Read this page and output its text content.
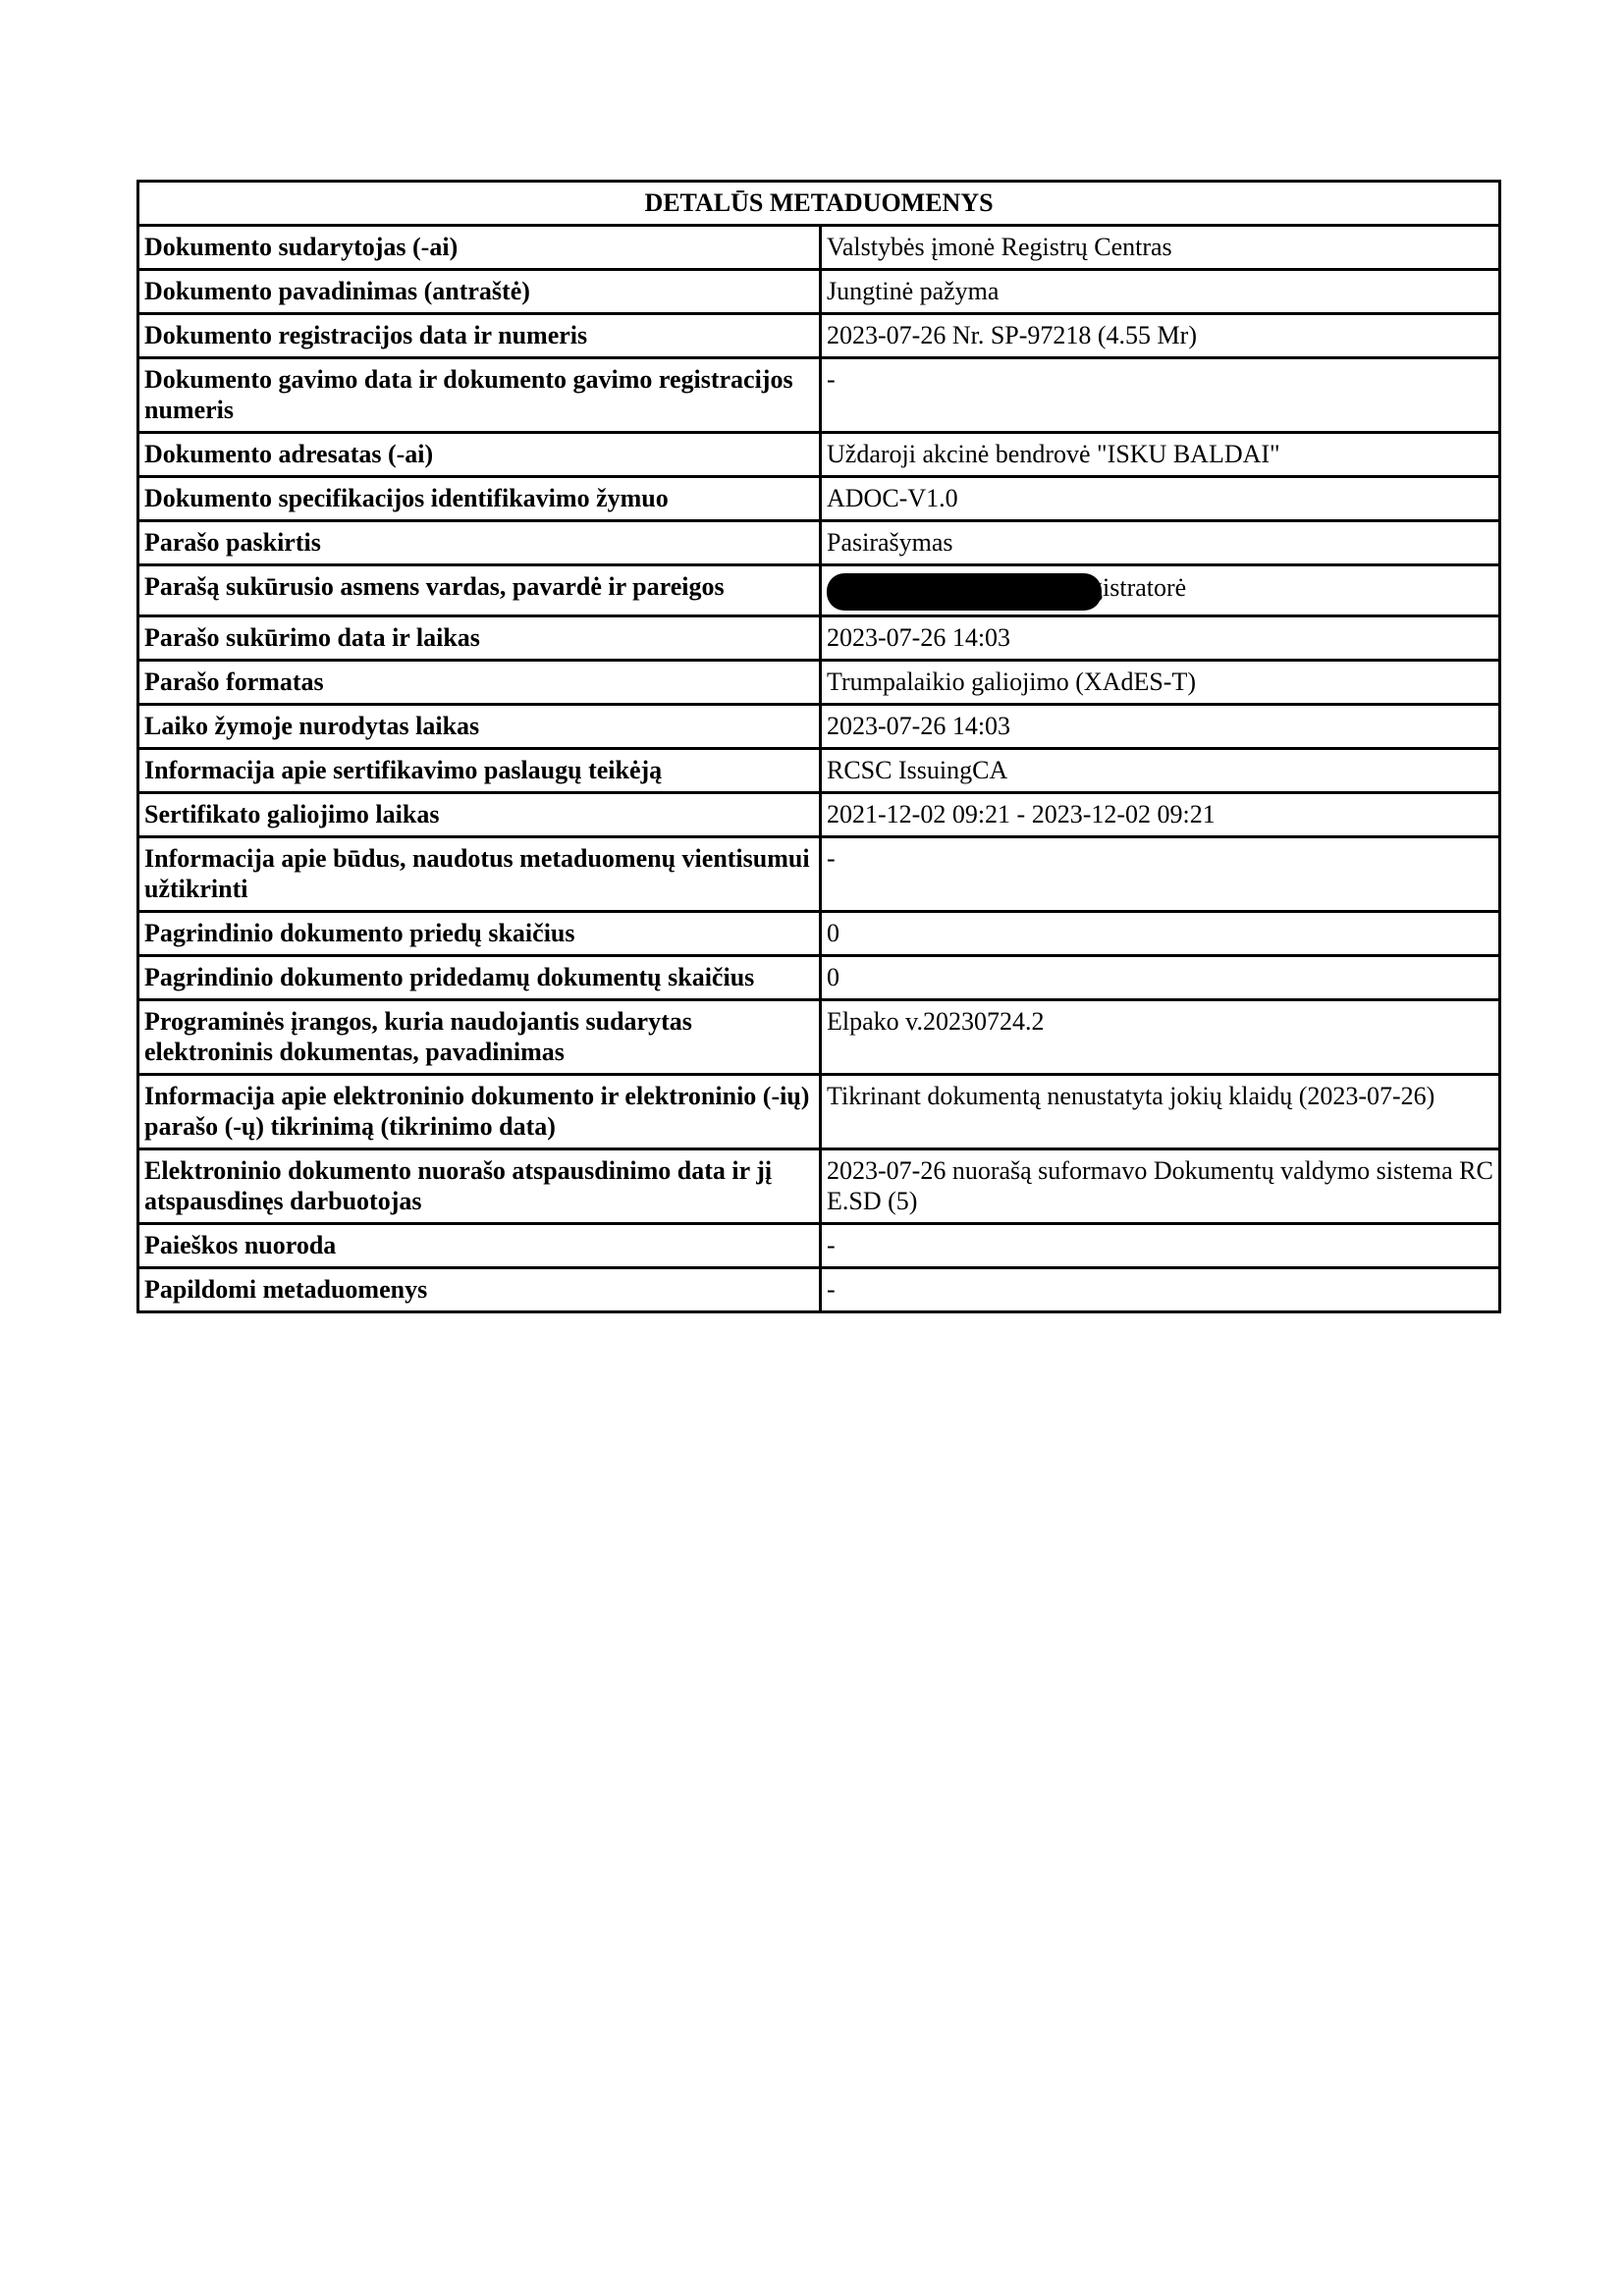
DETALŪS METADUOMENYS	
Dokumento sudarytojas (-ai)	Valstybės įmonė Registrų Centras
Dokumento pavadinimas (antraštė)	Jungtinė pažyma
Dokumento registracijos data ir numeris	2023-07-26 Nr. SP-97218 (4.55 Mr)
Dokumento gavimo data ir dokumento gavimo registracijos numeris	-
Dokumento adresatas (-ai)	Uždaroji akcinė bendrovė "ISKU BALDAI"
Dokumento specifikacijos identifikavimo žymuo	ADOC-V1.0
Parašo paskirtis	Pasirašymas
Parašą sukūrusio asmens vardas, pavardė ir pareigos	gistratorė

Parašo sukūrimo data ir laikas	2023-07-26 14:03
Parašo formatas	Trumpalaikio galiojimo (XAdES-T)
Laiko žymoje nurodytas laikas	2023-07-26 14:03
Informacija apie sertifikavimo paslaugų teikėją	RCSC IssuingCA
Sertifikato galiojimo laikas	2021-12-02 09:21 - 2023-12-02 09:21
Informacija apie būdus, naudotus metaduomenų vientisumui užtikrinti	-
Pagrindinio dokumento priedų skaičius	0
Pagrindinio dokumento pridedamų dokumentų skaičius	0
Programinės įrangos, kuria naudojantis sudarytas elektroninis dokumentas, pavadinimas	Elpako v.20230724.2
Informacija apie elektroninio dokumento ir elektroninio (-ių) parašo (-ų) tikrinimą (tikrinimo data)	Tikrinant dokumentą nenustatyta jokių klaidų (2023-07-26)
Elektroninio dokumento nuorašo atspausdinimo data ir jį atspausdinęs darbuotojas	2023-07-26 nuorašą suformavo Dokumentų valdymo sistema RC E.SD (5)
Paieškos nuoroda	-
Papildomi metaduomenys	-
